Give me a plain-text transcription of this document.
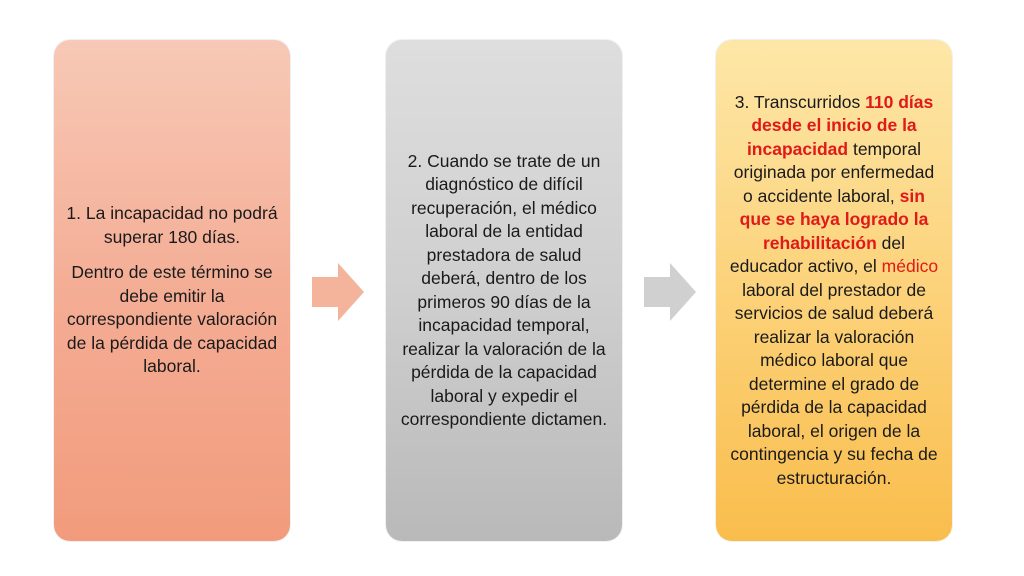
1. La incapacidad no podrá superar 180 días.

Dentro de este término se debe emitir la correspondiente valoración de la pérdida de capacidad laboral.

2. Cuando se trate de un diagnóstico de difícil recuperación, el médico laboral de la entidad prestadora de salud deberá, dentro de los primeros 90 días de la incapacidad temporal, realizar la valoración de la pérdida de la capacidad laboral y expedir el correspondiente dictamen.

3. Transcurridos 110 días desde el inicio de la incapacidad temporal originada por enfermedad o accidente laboral, sin que se haya logrado la rehabilitación del educador activo, el médico laboral del prestador de servicios de salud deberá realizar la valoración médico laboral que determine el grado de pérdida de la capacidad laboral, el origen de la contingencia y su fecha de estructuración.
